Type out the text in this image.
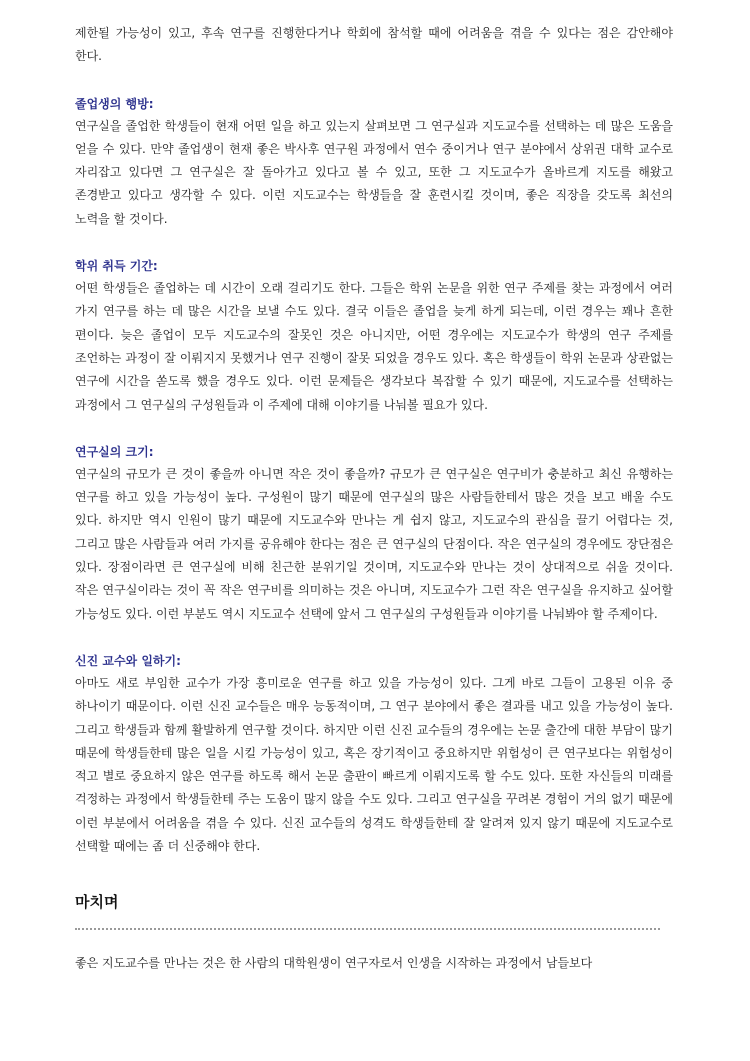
제한될 가능성이 있고, 후속 연구를 진행한다거나 학회에 참석할 때에 어려움을 겪을 수 있다는 점은 감안해야 한다.

졸업생의 행방:

연구실을 졸업한 학생들이 현재 어떤 일을 하고 있는지 살펴보면 그 연구실과 지도교수를 선택하는 데 많은 도움을 얻을 수 있다. 만약 졸업생이 현재 좋은 박사후 연구원 과정에서 연수 중이거나 연구 분야에서 상위권 대학 교수로 자리잡고 있다면 그 연구실은 잘 돌아가고 있다고 볼 수 있고, 또한 그 지도교수가 올바르게 지도를 해왔고 존경받고 있다고 생각할 수 있다. 이런 지도교수는 학생들을 잘 훈련시킬 것이며, 좋은 직장을 갖도록 최선의 노력을 할 것이다.

학위 취득 기간:

어떤 학생들은 졸업하는 데 시간이 오래 걸리기도 한다. 그들은 학위 논문을 위한 연구 주제를 찾는 과정에서 여러 가지 연구를 하는 데 많은 시간을 보낼 수도 있다. 결국 이들은 졸업을 늦게 하게 되는데, 이런 경우는 꽤나 흔한 편이다. 늦은 졸업이 모두 지도교수의 잘못인 것은 아니지만, 어떤 경우에는 지도교수가 학생의 연구 주제를 조언하는 과정이 잘 이뤄지지 못했거나 연구 진행이 잘못 되었을 경우도 있다. 혹은 학생들이 학위 논문과 상관없는 연구에 시간을 쏟도록 했을 경우도 있다. 이런 문제들은 생각보다 복잡할 수 있기 때문에, 지도교수를 선택하는 과정에서 그 연구실의 구성원들과 이 주제에 대해 이야기를 나눠볼 필요가 있다.

연구실의 크기:

연구실의 규모가 큰 것이 좋을까 아니면 작은 것이 좋을까? 규모가 큰 연구실은 연구비가 충분하고 최신 유행하는 연구를 하고 있을 가능성이 높다. 구성원이 많기 때문에 연구실의 많은 사람들한테서 많은 것을 보고 배울 수도 있다. 하지만 역시 인원이 많기 때문에 지도교수와 만나는 게 쉽지 않고, 지도교수의 관심을 끌기 어렵다는 것, 그리고 많은 사람들과 여러 가지를 공유해야 한다는 점은 큰 연구실의 단점이다. 작은 연구실의 경우에도 장단점은 있다. 장점이라면 큰 연구실에 비해 친근한 분위기일 것이며, 지도교수와 만나는 것이 상대적으로 쉬울 것이다. 작은 연구실이라는 것이 꼭 작은 연구비를 의미하는 것은 아니며, 지도교수가 그런 작은 연구실을 유지하고 싶어할 가능성도 있다. 이런 부분도 역시 지도교수 선택에 앞서 그 연구실의 구성원들과 이야기를 나눠봐야 할 주제이다.

신진 교수와 일하기:

아마도 새로 부임한 교수가 가장 흥미로운 연구를 하고 있을 가능성이 있다. 그게 바로 그들이 고용된 이유 중 하나이기 때문이다. 이런 신진 교수들은 매우 능동적이며, 그 연구 분야에서 좋은 결과를 내고 있을 가능성이 높다. 그리고 학생들과 함께 활발하게 연구할 것이다. 하지만 이런 신진 교수들의 경우에는 논문 출간에 대한 부담이 많기 때문에 학생들한테 많은 일을 시킬 가능성이 있고, 혹은 장기적이고 중요하지만 위험성이 큰 연구보다는 위험성이 적고 별로 중요하지 않은 연구를 하도록 해서 논문 출판이 빠르게 이뤄지도록 할 수도 있다. 또한 자신들의 미래를 걱정하는 과정에서 학생들한테 주는 도움이 많지 않을 수도 있다. 그리고 연구실을 꾸려본 경험이 거의 없기 때문에 이런 부분에서 어려움을 겪을 수 있다. 신진 교수들의 성격도 학생들한테 잘 알려져 있지 않기 때문에 지도교수로 선택할 때에는 좀 더 신중해야 한다.

마치며

좋은 지도교수를 만나는 것은 한 사람의 대학원생이 연구자로서 인생을 시작하는 과정에서 남들보다
